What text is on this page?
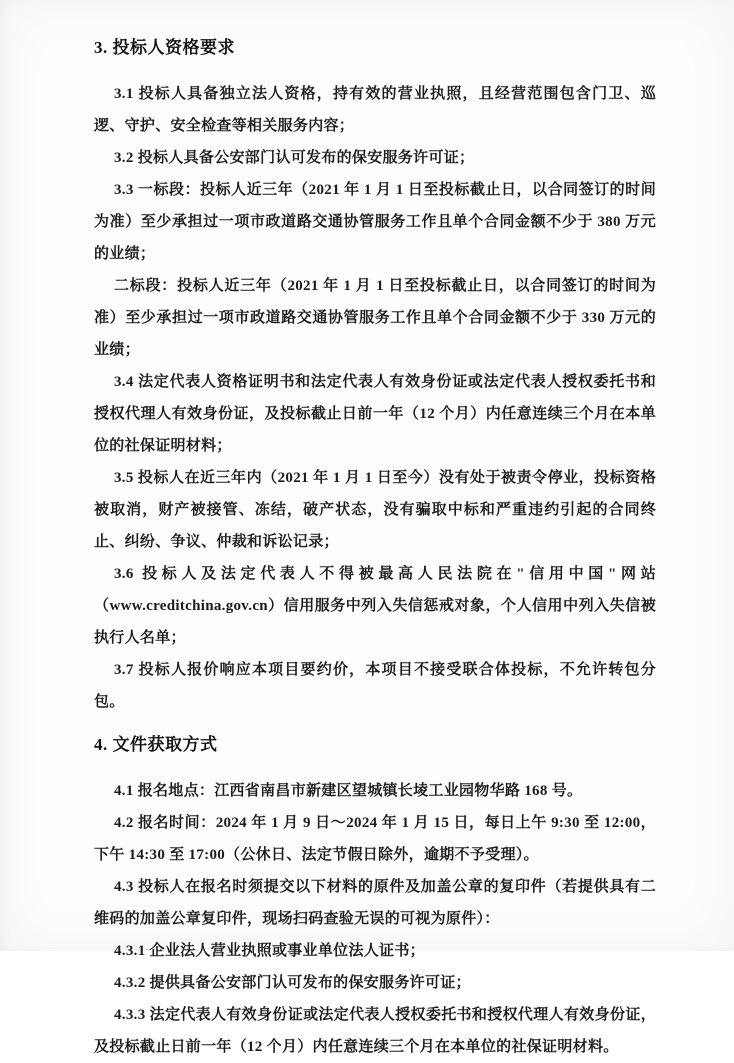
3. 投标人资格要求

3.1 投标人具备独立法人资格，持有效的营业执照，且经营范围包含门卫、巡逻、守护、安全检查等相关服务内容；

3.2 投标人具备公安部门认可发布的保安服务许可证；

3.3 一标段：投标人近三年（2021 年 1 月 1 日至投标截止日，以合同签订的时间为准）至少承担过一项市政道路交通协管服务工作且单个合同金额不少于 380 万元的业绩；

二标段：投标人近三年（2021 年 1 月 1 日至投标截止日，以合同签订的时间为准）至少承担过一项市政道路交通协管服务工作且单个合同金额不少于 330 万元的业绩；

3.4 法定代表人资格证明书和法定代表人有效身份证或法定代表人授权委托书和授权代理人有效身份证，及投标截止日前一年（12 个月）内任意连续三个月在本单位的社保证明材料；

3.5 投标人在近三年内（2021 年 1 月 1 日至今）没有处于被责令停业，投标资格被取消，财产被接管、冻结，破产状态，没有骗取中标和严重违约引起的合同终止、纠纷、争议、仲裁和诉讼记录；

3.6 投标人及法定代表人不得被最高人民法院在"信用中国"网站（www.creditchina.gov.cn）信用服务中列入失信惩戒对象，个人信用中列入失信被执行人名单；

3.7 投标人报价响应本项目要约价，本项目不接受联合体投标，不允许转包分包。

4. 文件获取方式

4.1 报名地点：江西省南昌市新建区望城镇长堎工业园物华路 168 号。

4.2 报名时间：2024 年 1 月 9 日～2024 年 1 月 15 日，每日上午 9:30 至 12:00，下午 14:30 至 17:00（公休日、法定节假日除外，逾期不予受理）。

4.3 投标人在报名时须提交以下材料的原件及加盖公章的复印件（若提供具有二维码的加盖公章复印件，现场扫码查验无误的可视为原件）：

4.3.1 企业法人营业执照或事业单位法人证书；

4.3.2 提供具备公安部门认可发布的保安服务许可证；

4.3.3 法定代表人有效身份证或法定代表人授权委托书和授权代理人有效身份证，及投标截止日前一年（12 个月）内任意连续三个月在本单位的社保证明材料。
